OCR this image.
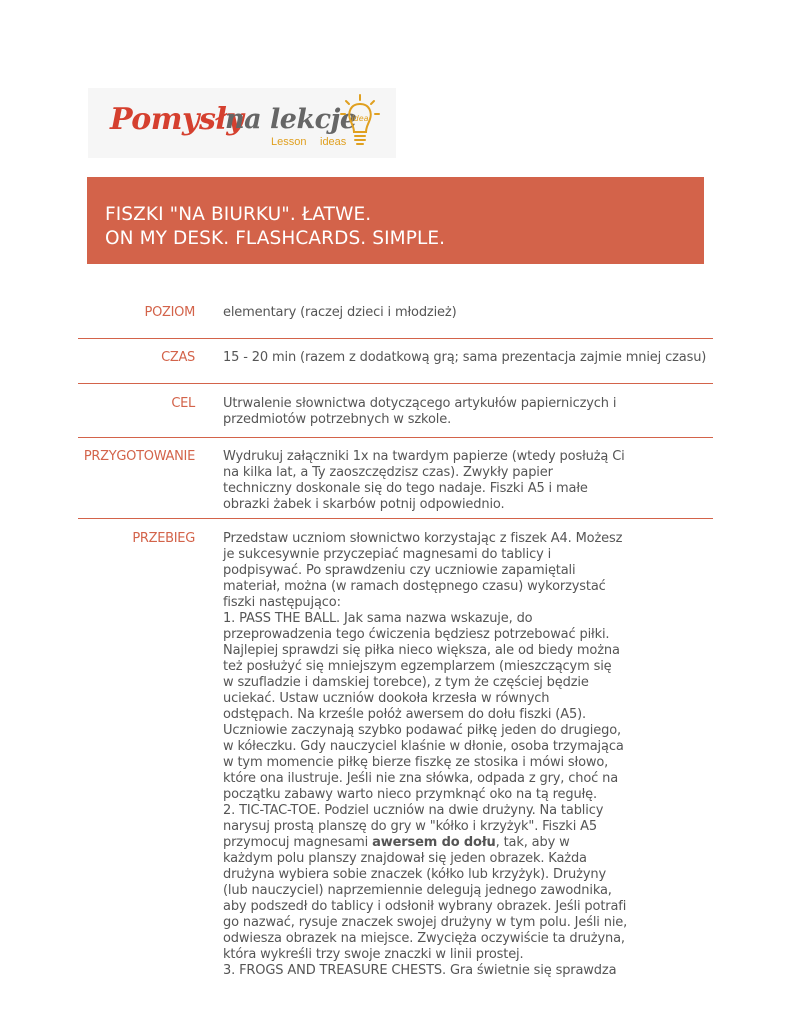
Pomysły
na lekcje
Lesson ideas
idea
FISZKI "NA BIURKU". ŁATWE.
ON MY DESK. FLASHCARDS. SIMPLE.
POZIOM elementary (raczej dzieci i młodzież)
CZAS 15 - 20 min (razem z dodatkową grą; sama prezentacja zajmie mniej czasu)
CEL Utrwalenie słownictwa dotyczącego artykułów papierniczych i
przedmiotów potrzebnych w szkole.
PRZYGOTOWANIE Wydrukuj załączniki 1x na twardym papierze (wtedy posłużą Ci
na kilka lat, a Ty zaoszczędzisz czas). Zwykły papier
techniczny doskonale się do tego nadaje. Fiszki A5 i małe
obrazki żabek i skarbów potnij odpowiednio.
PRZEBIEG Przedstaw uczniom słownictwo korzystając z fiszek A4. Możesz
je sukcesywnie przyczepiać magnesami do tablicy i
podpisywać. Po sprawdzeniu czy uczniowie zapamiętali
materiał, można (w ramach dostępnego czasu) wykorzystać
fiszki następująco:
1. PASS THE BALL. Jak sama nazwa wskazuje, do
przeprowadzenia tego ćwiczenia będziesz potrzebować piłki.
Najlepiej sprawdzi się piłka nieco większa, ale od biedy można
też posłużyć się mniejszym egzemplarzem (mieszczącym się
w szufladzie i damskiej torebce), z tym że częściej będzie
uciekać. Ustaw uczniów dookoła krzesła w równych
odstępach. Na krześle połóż awersem do dołu fiszki (A5).
Uczniowie zaczynają szybko podawać piłkę jeden do drugiego,
w kółeczku. Gdy nauczyciel klaśnie w dłonie, osoba trzymająca
w tym momencie piłkę bierze fiszkę ze stosika i mówi słowo,
które ona ilustruje. Jeśli nie zna słówka, odpada z gry, choć na
początku zabawy warto nieco przymknąć oko na tą regułę.
2. TIC-TAC-TOE. Podziel uczniów na dwie drużyny. Na tablicy
narysuj prostą planszę do gry w "kółko i krzyżyk". Fiszki A5
przymocuj magnesami awersem do dołu, tak, aby w
każdym polu planszy znajdował się jeden obrazek. Każda
drużyna wybiera sobie znaczek (kółko lub krzyżyk). Drużyny
(lub nauczyciel) naprzemiennie delegują jednego zawodnika,
aby podszedł do tablicy i odsłonił wybrany obrazek. Jeśli potrafi
go nazwać, rysuje znaczek swojej drużyny w tym polu. Jeśli nie,
odwiesza obrazek na miejsce. Zwycięża oczywiście ta drużyna,
która wykreśli trzy swoje znaczki w linii prostej.
3. FROGS AND TREASURE CHESTS. Gra świetnie się sprawdza
